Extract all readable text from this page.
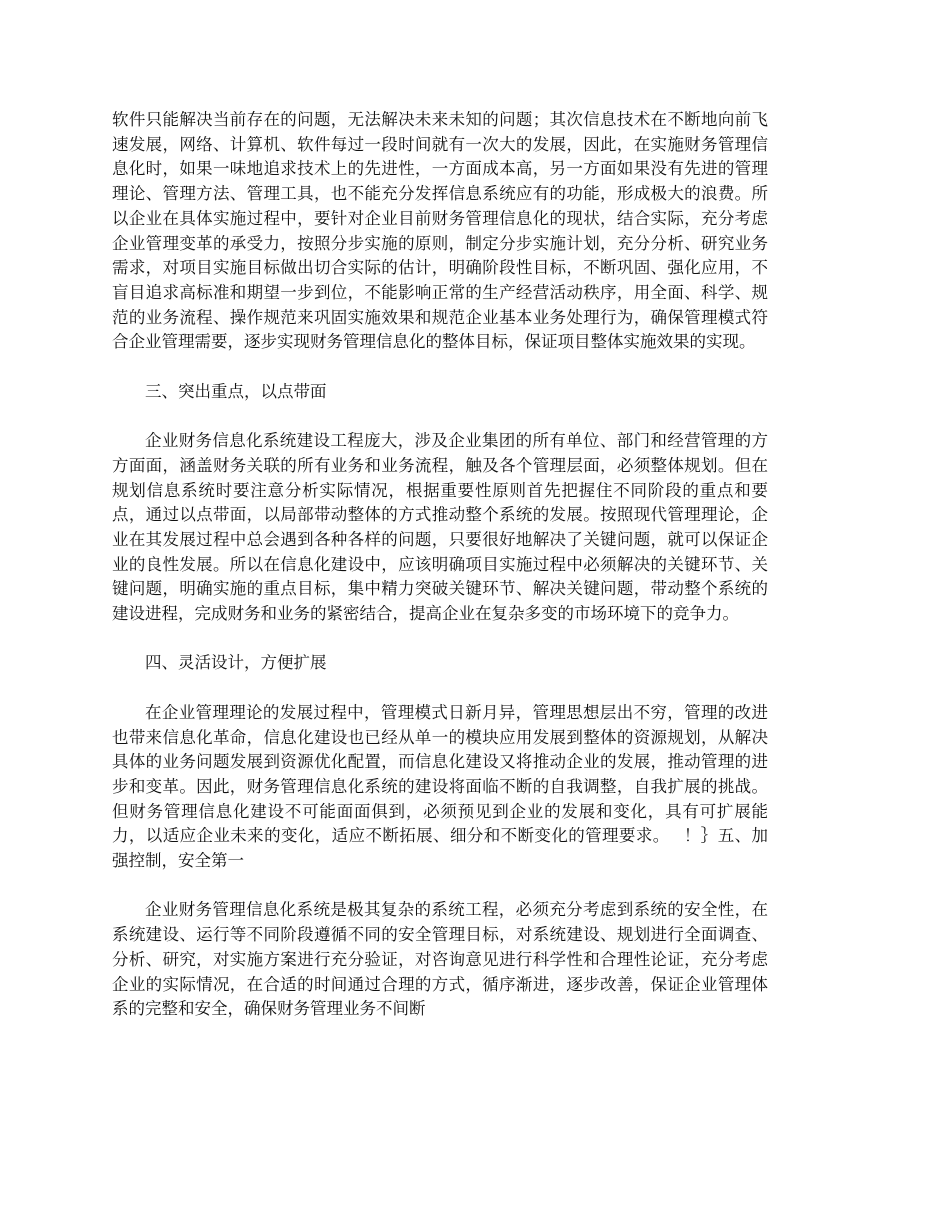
软件只能解决当前存在的问题，无法解决未来未知的问题；其次信息技术在不断地向前飞速发展，网络、计算机、软件每过一段时间就有一次大的发展，因此，在实施财务管理信息化时，如果一味地追求技术上的先进性，一方面成本高，另一方面如果没有先进的管理理论、管理方法、管理工具，也不能充分发挥信息系统应有的功能，形成极大的浪费。所以企业在具体实施过程中，要针对企业目前财务管理信息化的现状，结合实际，充分考虑企业管理变革的承受力，按照分步实施的原则，制定分步实施计划，充分分析、研究业务需求，对项目实施目标做出切合实际的估计，明确阶段性目标，不断巩固、强化应用，不盲目追求高标准和期望一步到位，不能影响正常的生产经营活动秩序，用全面、科学、规范的业务流程、操作规范来巩固实施效果和规范企业基本业务处理行为，确保管理模式符合企业管理需要，逐步实现财务管理信息化的整体目标，保证项目整体实施效果的实现。

三、突出重点，以点带面

企业财务信息化系统建设工程庞大，涉及企业集团的所有单位、部门和经营管理的方方面面，涵盖财务关联的所有业务和业务流程，触及各个管理层面，必须整体规划。但在规划信息系统时要注意分析实际情况，根据重要性原则首先把握住不同阶段的重点和要点，通过以点带面，以局部带动整体的方式推动整个系统的发展。按照现代管理理论，企业在其发展过程中总会遇到各种各样的问题，只要很好地解决了关键问题，就可以保证企业的良性发展。所以在信息化建设中，应该明确项目实施过程中必须解决的关键环节、关键问题，明确实施的重点目标，集中精力突破关键环节、解决关键问题，带动整个系统的建设进程，完成财务和业务的紧密结合，提高企业在复杂多变的市场环境下的竞争力。

四、灵活设计，方便扩展

在企业管理理论的发展过程中，管理模式日新月异，管理思想层出不穷，管理的改进也带来信息化革命，信息化建设也已经从单一的模块应用发展到整体的资源规划，从解决具体的业务问题发展到资源优化配置，而信息化建设又将推动企业的发展，推动管理的进步和变革。因此，财务管理信息化系统的建设将面临不断的自我调整，自我扩展的挑战。但财务管理信息化建设不可能面面俱到，必须预见到企业的发展和变化，具有可扩展能力，以适应企业未来的变化，适应不断拓展、细分和不断变化的管理要求。　 ！｝五、加强控制，安全第一

企业财务管理信息化系统是极其复杂的系统工程，必须充分考虑到系统的安全性，在系统建设、运行等不同阶段遵循不同的安全管理目标，对系统建设、规划进行全面调查、分析、研究，对实施方案进行充分验证，对咨询意见进行科学性和合理性论证，充分考虑企业的实际情况，在合适的时间通过合理的方式，循序渐进，逐步改善，保证企业管理体系的完整和安全，确保财务管理业务不间断
